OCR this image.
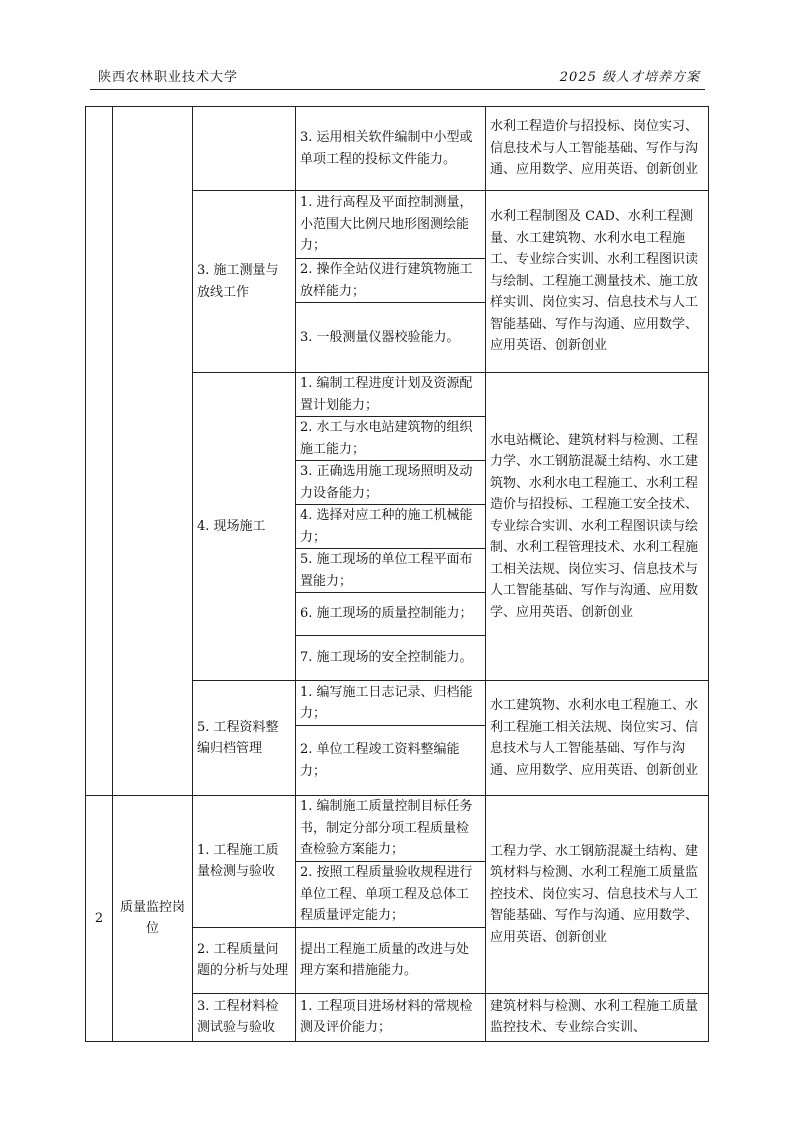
陕西农林职业技术大学	2025 级人才培养方案
			3. 运用相关软件编制中小型或单项工程的投标文件能力。	水利工程造价与招投标、岗位实习、信息技术与人工智能基础、写作与沟通、应用数学、应用英语、创新创业
		3. 施工测量与放线工作	1. 进行高程及平面控制测量，小范围大比例尺地形图测绘能力；	水利工程制图及 CAD、水利工程测量、水工建筑物、水利水电工程施工、专业综合实训、水利工程图识读与绘制、工程施工测量技术、施工放样实训、岗位实习、信息技术与人工智能基础、写作与沟通、应用数学、应用英语、创新创业
			2. 操作全站仪进行建筑物施工放样能力；	
			3. 一般测量仪器校验能力。	
		4. 现场施工	1. 编制工程进度计划及资源配置计划能力；	水电站概论、建筑材料与检测、工程力学、水工钢筋混凝土结构、水工建筑物、水利水电工程施工、水利工程造价与招投标、工程施工安全技术、专业综合实训、水利工程图识读与绘制、水利工程管理技术、水利工程施工相关法规、岗位实习、信息技术与人工智能基础、写作与沟通、应用数学、应用英语、创新创业
			2. 水工与水电站建筑物的组织施工能力；	
			3. 正确选用施工现场照明及动力设备能力；	
			4. 选择对应工种的施工机械能力；	
			5. 施工现场的单位工程平面布置能力；	
			6. 施工现场的质量控制能力；	
			7. 施工现场的安全控制能力。	
		5. 工程资料整编归档管理	1. 编写施工日志记录、归档能力；	水工建筑物、水利水电工程施工、水利工程施工相关法规、岗位实习、信息技术与人工智能基础、写作与沟通、应用数学、应用英语、创新创业
			2. 单位工程竣工资料整编能力；	

2	质量监控岗位	1. 工程施工质量检测与验收	1. 编制施工质量控制目标任务书，制定分部分项工程质量检查检验方案能力；	工程力学、水工钢筋混凝土结构、建筑材料与检测、水利工程施工质量监控技术、岗位实习、信息技术与人工智能基础、写作与沟通、应用数学、应用英语、创新创业
			2. 按照工程质量验收规程进行单位工程、单项工程及总体工程质量评定能力；	
		2. 工程质量问题的分析与处理	提出工程施工质量的改进与处理方案和措施能力。	
		3. 工程材料检测试验与验收	1. 工程项目进场材料的常规检测及评价能力；	建筑材料与检测、水利工程施工质量监控技术、专业综合实训、
